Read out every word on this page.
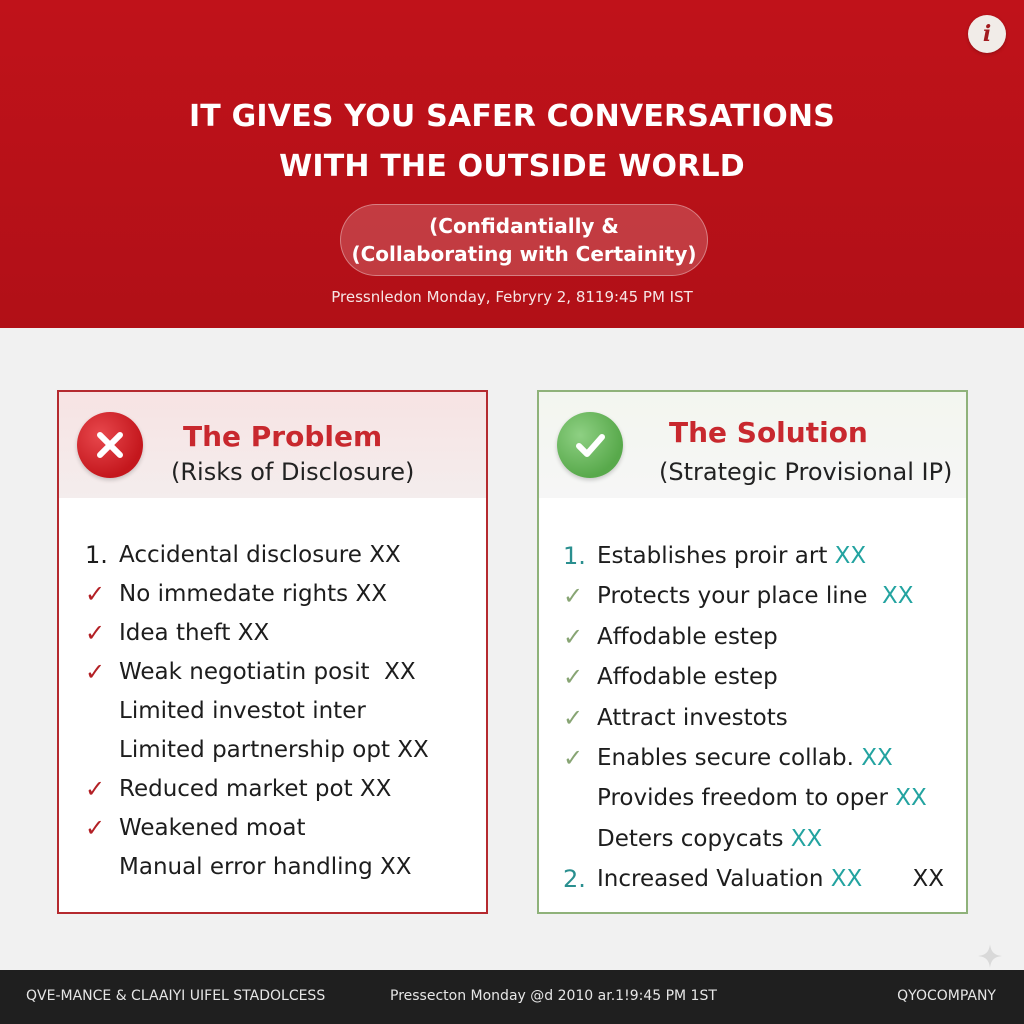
i
IT GIVES YOU SAFER CONVERSATIONS
WITH THE OUTSIDE WORLD
(Confidantially &
(Collaborating with Certainity)
Pressnledon Monday, Febryry 2, 8119:45 PM IST
The Problem
(Risks of Disclosure)
1. Accidental disclosure XX
✓ No immedate rights XX
✓ Idea theft XX
✓ Weak negotiatin posit  XX
Limited investot inter
Limited partnership opt XX
✓ Reduced market pot XX
✓ Weakened moat
Manual error handling XX
The Solution
(Strategic Provisional IP)
1. Establishes proir art XX
✓ Protects your place line  XX
✓ Affodable estep
✓ Affodable estep
✓ Attract investots
✓ Enables secure collab. XX
Provides freedom to oper XX
Deters copycats XX
2. Increased Valuation XX XX
QVE-MANCE & CLAAIYI UIFEL STADOLCESS	Pressecton Monday @d 2010 ar.1!9:45 PM 1ST	QYOCOMPANY
